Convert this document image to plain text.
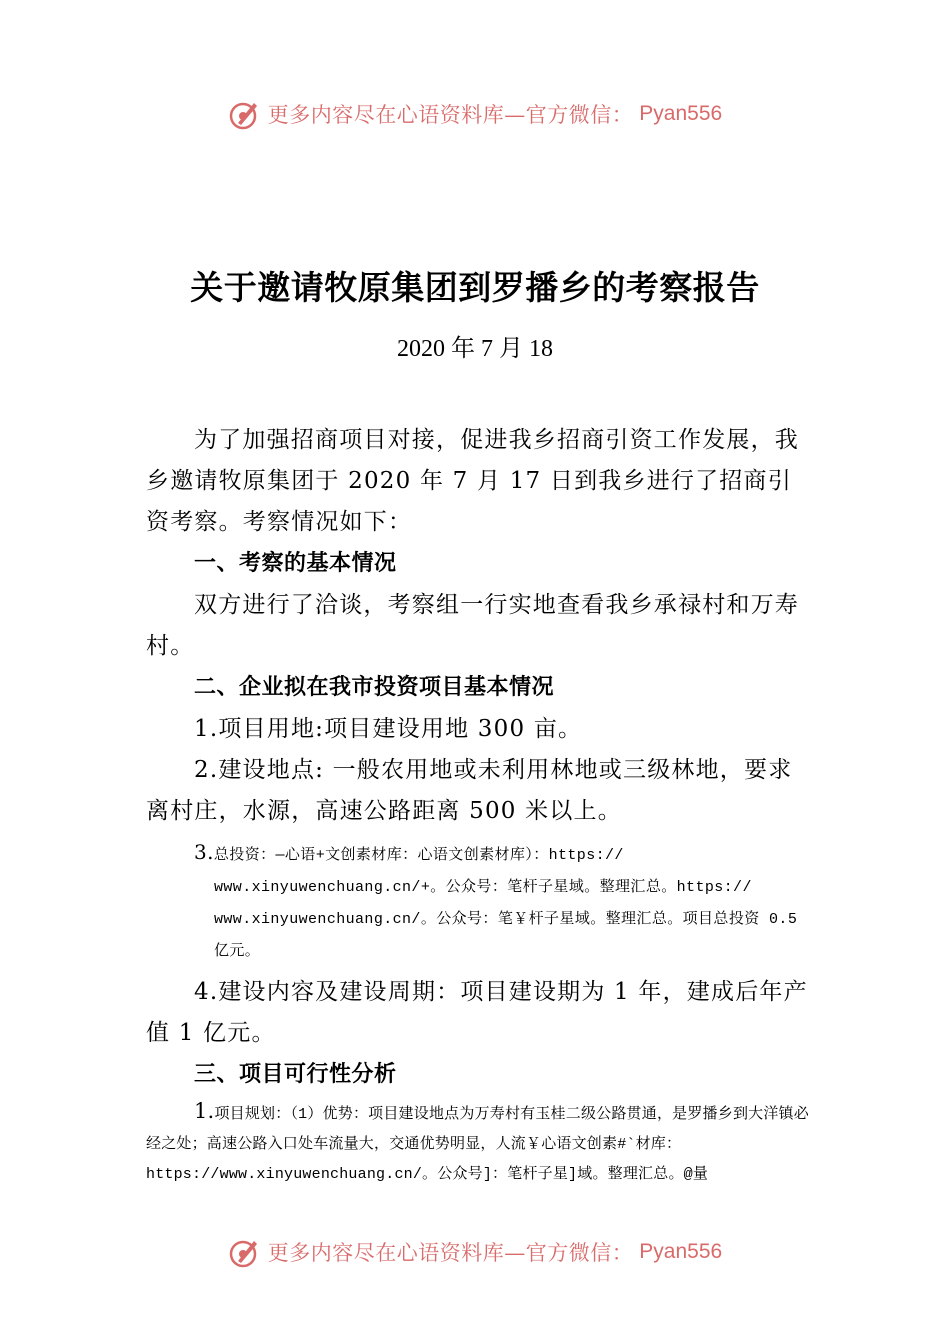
更多内容尽在心语资料库—官方微信： Pyan556
关于邀请牧原集团到罗播乡的考察报告
2020 年 7 月 18

为了加强招商项目对接，促进我乡招商引资工作发展，我乡邀请牧原集团于 2020 年 7 月 17 日到我乡进行了招商引资考察。考察情况如下：

一、考察的基本情况

双方进行了洽谈，考察组一行实地查看我乡承禄村和万寿村。

二、企业拟在我市投资项目基本情况

1.项目用地:项目建设用地 300 亩。

2.建设地点: 一般农用地或未利用林地或三级林地，要求离村庄，水源，高速公路距离 500 米以上。

3.总投资：—心语+文创素材库：心语文创素材库）：https://
www.xinyuwenchuang.cn/+。公众号：笔杆子星域。整理汇总。https://
www.xinyuwenchuang.cn/。公众号：笔￥杆子星域。整理汇总。项目总投资 0.5
亿元。

4.建设内容及建设周期：项目建设期为 1 年，建成后年产值 1 亿元。

三、项目可行性分析

1.项目规划：（1）优势：项目建设地点为万寿村有玉桂二级公路贯通，是罗播乡到大洋镇必经之处；高速公路入口处车流量大，交通优势明显，人流￥心语文创素#`材库：https://www.xinyuwenchuang.cn/。公众号]：笔杆子星]域。整理汇总。@量

更多内容尽在心语资料库—官方微信： Pyan556
